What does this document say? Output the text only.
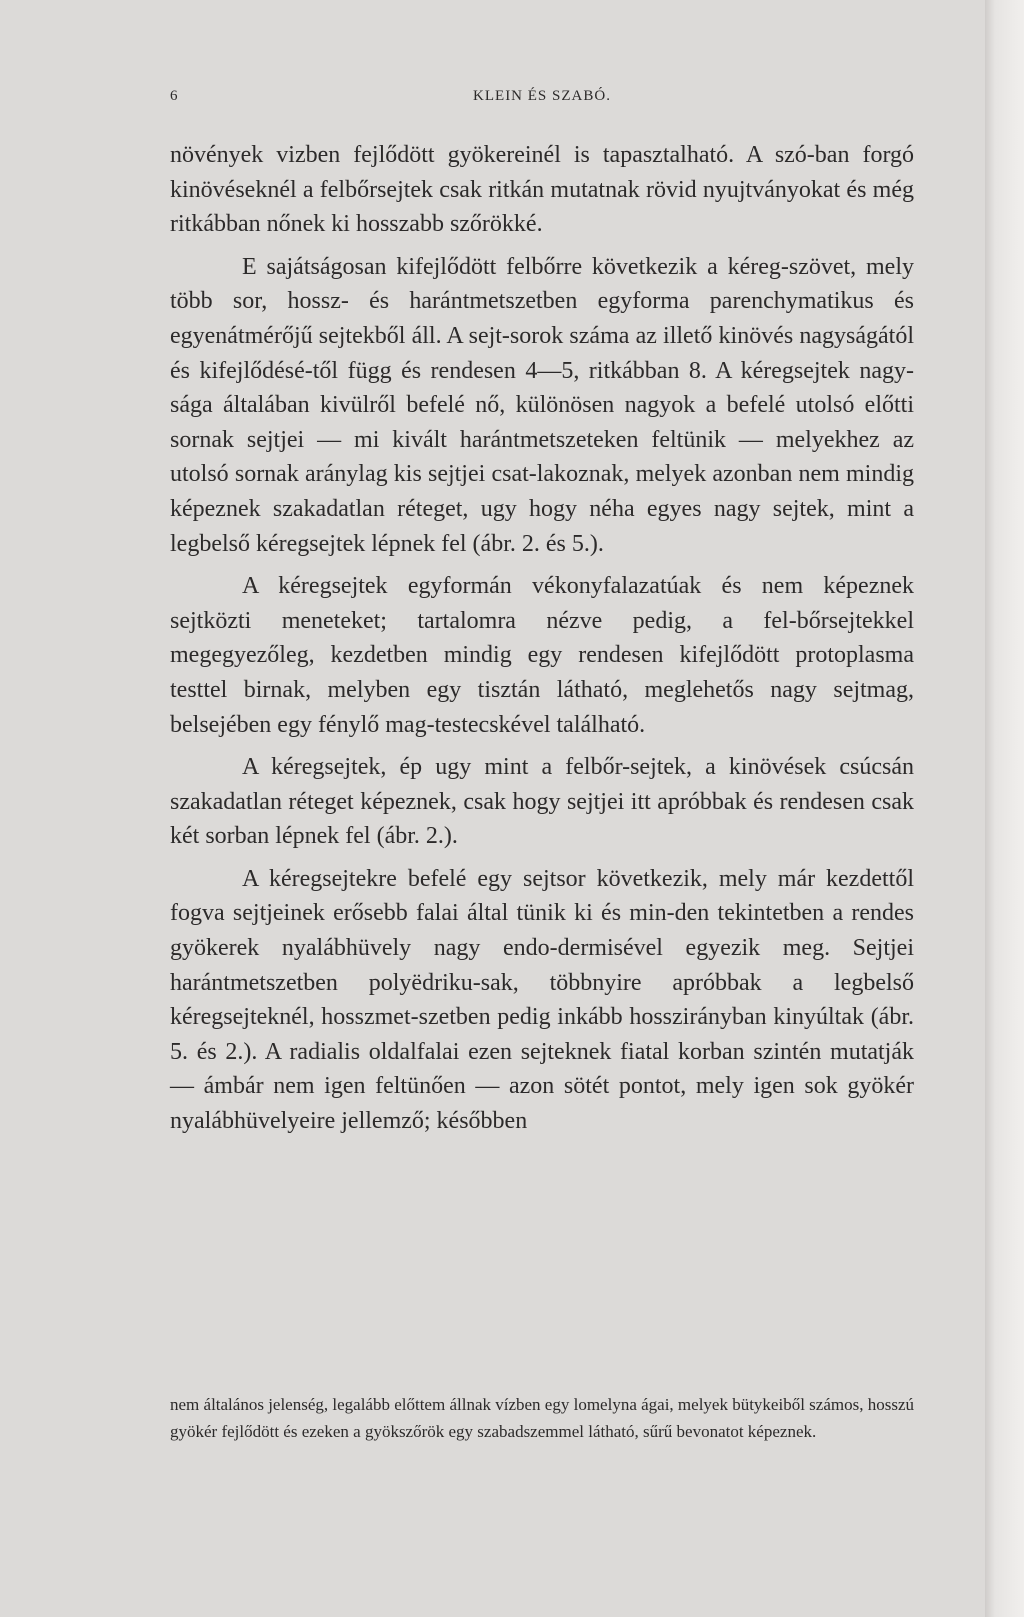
6	KLEIN ÉS SZABÓ.

növények vizben fejlődött gyökereinél is tapasztalható. A szó-ban forgó kinövéseknél a felbőrsejtek csak ritkán mutatnak rövid nyujtványokat és még ritkábban nőnek ki hosszabb szőrökké.

E sajátságosan kifejlődött felbőrre következik a kéreg-szövet, mely több sor, hossz- és harántmetszetben egyforma parenchymatikus és egyenátmérőjű sejtekből áll. A sejt-sorok száma az illető kinövés nagyságától és kifejlődésé-től függ és rendesen 4—5, ritkábban 8. A kéregsejtek nagy-sága általában kivülről befelé nő, különösen nagyok a befelé utolsó előtti sornak sejtjei — mi kivált harántmetszeteken feltünik — melyekhez az utolsó sornak aránylag kis sejtjei csat-lakoznak, melyek azonban nem mindig képeznek szakadatlan réteget, ugy hogy néha egyes nagy sejtek, mint a legbelső kéregsejtek lépnek fel (ábr. 2. és 5.).

A kéregsejtek egyformán vékonyfalazatúak és nem képeznek sejtközti meneteket; tartalomra nézve pedig, a fel-bőrsejtekkel megegyezőleg, kezdetben mindig egy rendesen kifejlődött protoplasma testtel birnak, melyben egy tisztán látható, meglehetős nagy sejtmag, belsejében egy fénylő mag-testecskével található.

A kéregsejtek, ép ugy mint a felbőr-sejtek, a kinövések csúcsán szakadatlan réteget képeznek, csak hogy sejtjei itt apróbbak és rendesen csak két sorban lépnek fel (ábr. 2.).

A kéregsejtekre befelé egy sejtsor következik, mely már kezdettől fogva sejtjeinek erősebb falai által tünik ki és min-den tekintetben a rendes gyökerek nyalábhüvely nagy endo-dermisével egyezik meg. Sejtjei harántmetszetben polyëdriku-sak, többnyire apróbbak a legbelső kéregsejteknél, hosszmet-szetben pedig inkább hosszirányban kinyúltak (ábr. 5. és 2.). A radialis oldalfalai ezen sejteknek fiatal korban szintén mutatják — ámbár nem igen feltünően — azon sötét pontot, mely igen sok gyökér nyalábhüvelyeire jellemző; későbben

nem általános jelenség, legalább előttem állnak vízben egy lomelyna ágai, melyek bütykeiből számos, hosszú gyökér fejlődött és ezeken a gyökszőrök egy szabadszemmel látható, sűrű bevonatot képeznek.
